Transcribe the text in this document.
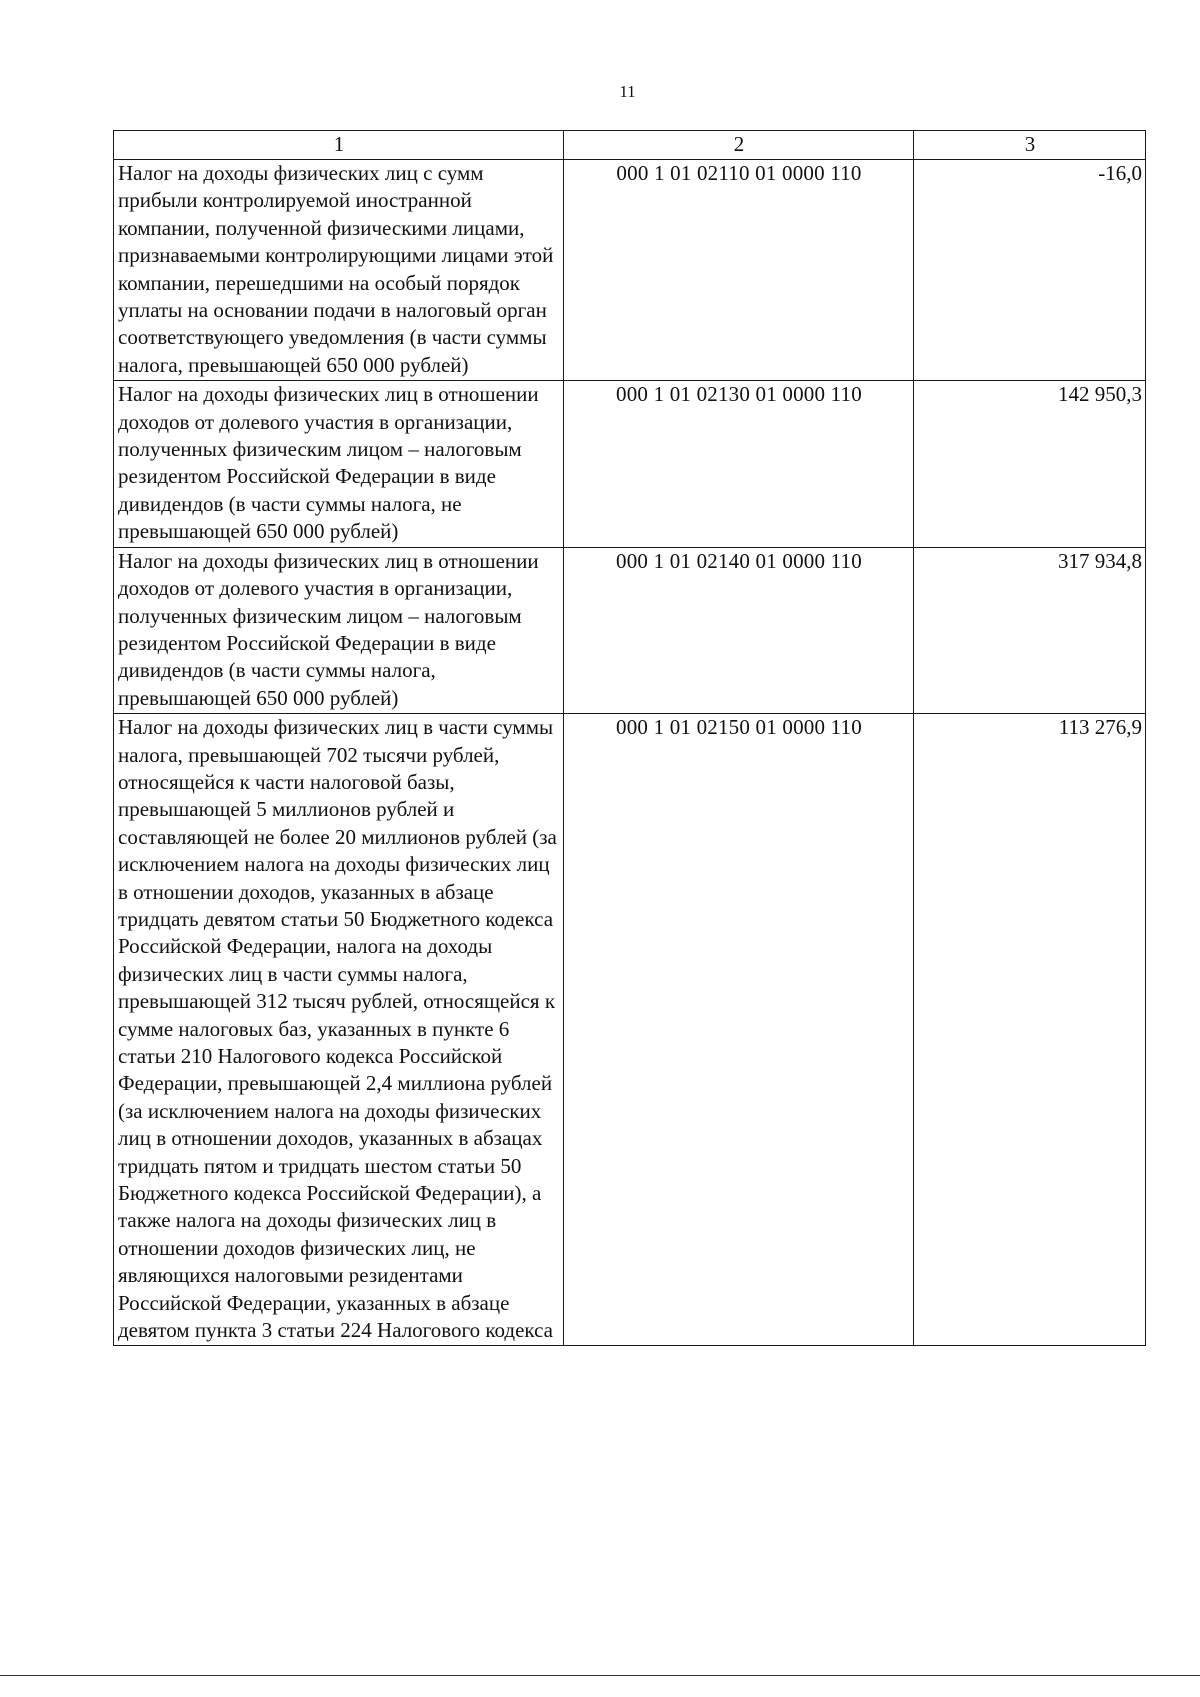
11
1	2	3
Налог на доходы физических лиц с сумм прибыли контролируемой иностранной компании, полученной физическими лицами, признаваемыми контролирующими лицами этой компании, перешедшими на особый порядок уплаты на основании подачи в налоговый орган соответствующего уведомления (в части суммы налога, превышающей 650 000 рублей)	000 1 01 02110 01 0000 110	-16,0
Налог на доходы физических лиц в отношении доходов от долевого участия в организации, полученных физическим лицом – налоговым резидентом Российской Федерации в виде дивидендов (в части суммы налога, не превышающей 650 000 рублей)	000 1 01 02130 01 0000 110	142 950,3
Налог на доходы физических лиц в отношении доходов от долевого участия в организации, полученных физическим лицом – налоговым резидентом Российской Федерации в виде дивидендов (в части суммы налога, превышающей 650 000 рублей)	000 1 01 02140 01 0000 110	317 934,8
Налог на доходы физических лиц в части суммы налога, превышающей 702 тысячи рублей, относящейся к части налоговой базы, превышающей 5 миллионов рублей и составляющей не более 20 миллионов рублей (за исключением налога на доходы физических лиц в отношении доходов, указанных в абзаце тридцать девятом статьи 50 Бюджетного кодекса Российской Федерации, налога на доходы физических лиц в части суммы налога, превышающей 312 тысяч рублей, относящейся к сумме налоговых баз, указанных в пункте 6 статьи 210 Налогового кодекса Российской Федерации, превышающей 2,4 миллиона рублей (за исключением налога на доходы физических лиц в отношении доходов, указанных в абзацах тридцать пятом и тридцать шестом статьи 50 Бюджетного кодекса Российской Федерации), а также налога на доходы физических лиц в отношении доходов физических лиц, не являющихся налоговыми резидентами Российской Федерации, указанных в абзаце девятом пункта 3 статьи 224 Налогового кодекса	000 1 01 02150 01 0000 110	113 276,9
